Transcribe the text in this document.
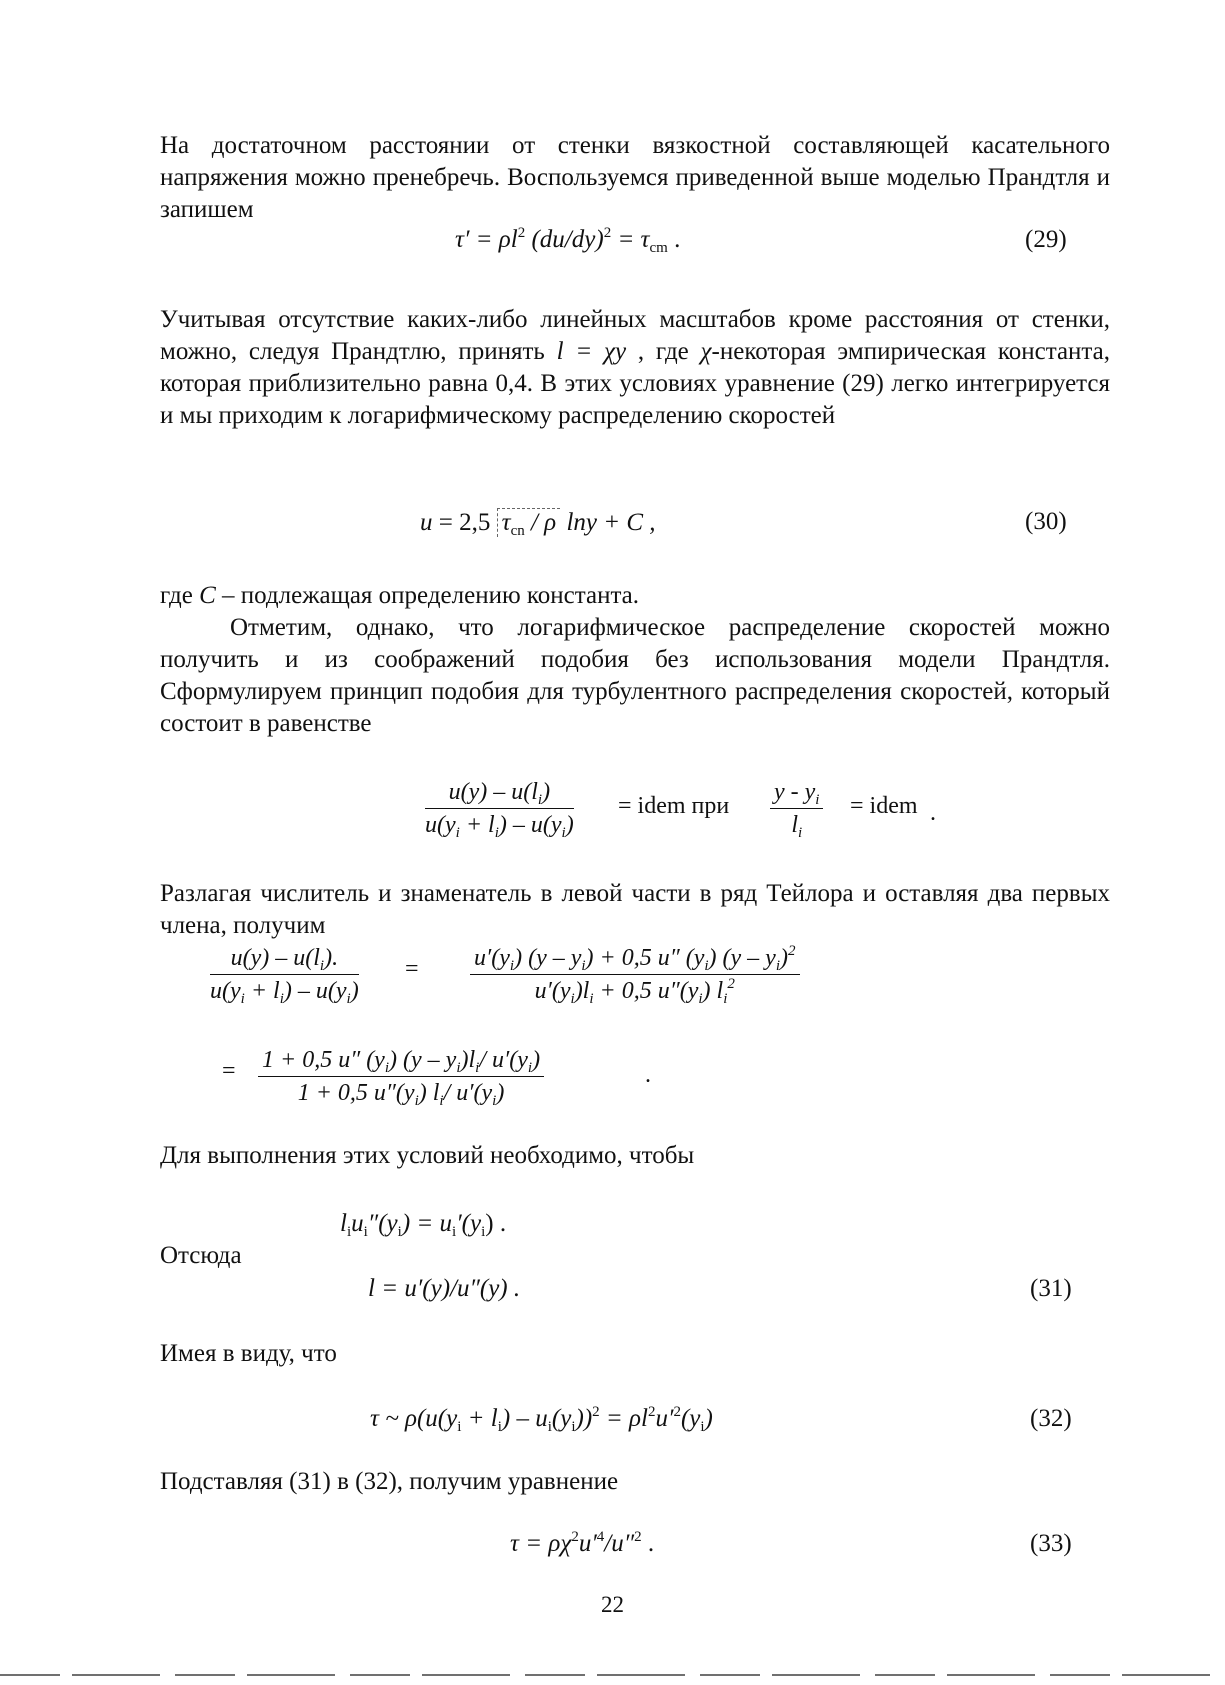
На достаточном расстоянии от стенки вязкостной составляющей касательного напряжения можно пренебречь. Воспользуемся приведенной выше моделью Прандтля и запишем

$\tau' = \rho l^2$ $(du/dy)^2 = \tau_{cm}$ .	(29)

Учитывая отсутствие каких-либо линейных масштабов кроме расстояния от стенки, можно, следуя Прандтлю, принять l = χy , где χ-некоторая эмпирическая константа, которая приблизительно равна 0,4. В этих условиях уравнение (29) легко интегрируется и мы приходим к логарифмическому распределению скоростей

u = 2,5 $\tau_{cn}$ / ρ lny + C ,	(30)

где C – подлежащая определению константа.

Отметим, однако, что логарифмическое распределение скоростей можно получить и из соображений подобия без использования модели Прандтля. Сформулируем принцип подобия для турбулентного распределения скоростей, который состоит в равенстве

$\frac{u(y) - u(l_i)}{u(y_i + l_i) - u(y_i)}$ = idem при $\frac{y - y_i}{l_i}$ = idem .

Разлагая числитель и знаменатель в левой части в ряд Тейлора и оставляя два первых члена, получим

$\frac{u(y) - u(l_i).}{u(y_i + l_i) - u(y_i)} = \frac{u'(y_i) (y - y_i) + 0,5 u'' (y_i) (y - y_i)^2}{u'(y_i)l_i + 0,5 u''(y_i) l_i^2}$
= $\frac{1 + 0,5 u'' (y_i) (y - y_i)l_i/ u'(y_i)}{1 + 0,5 u''(y_i) l_i/ u'(y_i)}$	.

Для выполнения этих условий необходимо, чтобы

$l_iu_i''(y_i) = u_i'(y_i)$ .

Отсюда

l = u′(y)/u″(y) .	(31)

Имея в виду, что

τ ~ $\rho(u(y_i + l_i) - u_i(y_i))^2 = \rho l^2u'^2(y_i)$	(32)

Подставляя (31) в (32), получим уравнение

$\tau = \rho\chi^2u'^4/u''^2$ .	(33)
22
